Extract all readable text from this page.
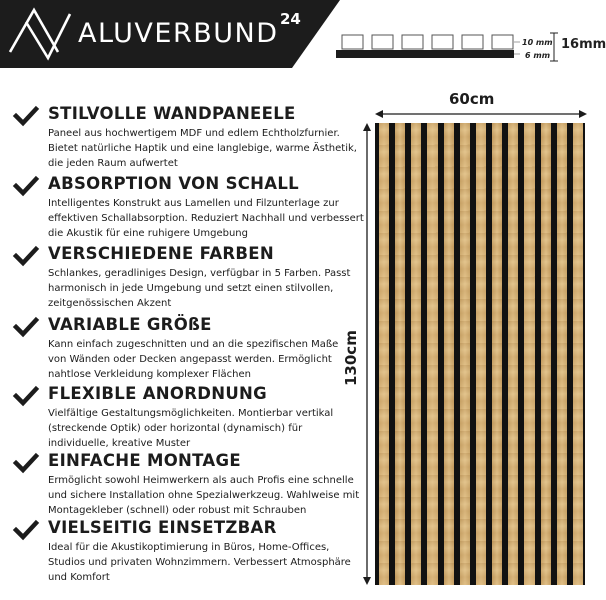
ALUVERBUND 24
10 mm
6 mm
16mm
STILVOLLE WANDPANEELE

Paneel aus hochwertigem MDF und edlem Echtholzfurnier.
Bietet natürliche Haptik und eine langlebige, warme Ästhetik,
die jeden Raum aufwertet

ABSORPTION VON SCHALL

Intelligentes Konstrukt aus Lamellen und Filzunterlage zur
effektiven Schallabsorption. Reduziert Nachhall und verbessert
die Akustik für eine ruhigere Umgebung

VERSCHIEDENE FARBEN

Schlankes, geradliniges Design, verfügbar in 5 Farben. Passt
harmonisch in jede Umgebung und setzt einen stilvollen,
zeitgenössischen Akzent

VARIABLE GRÖßE

Kann einfach zugeschnitten und an die spezifischen Maße
von Wänden oder Decken angepasst werden. Ermöglicht
nahtlose Verkleidung komplexer Flächen

FLEXIBLE ANORDNUNG

Vielfältige Gestaltungsmöglichkeiten. Montierbar vertikal
(streckende Optik) oder horizontal (dynamisch) für
individuelle, kreative Muster

EINFACHE MONTAGE

Ermöglicht sowohl Heimwerkern als auch Profis eine schnelle
und sichere Installation ohne Spezialwerkzeug. Wahlweise mit
Montagekleber (schnell) oder robust mit Schrauben

VIELSEITIG EINSETZBAR

Ideal für die Akustikoptimierung in Büros, Home-Offices,
Studios und privaten Wohnzimmern. Verbessert Atmosphäre
und Komfort

60cm
130cm
